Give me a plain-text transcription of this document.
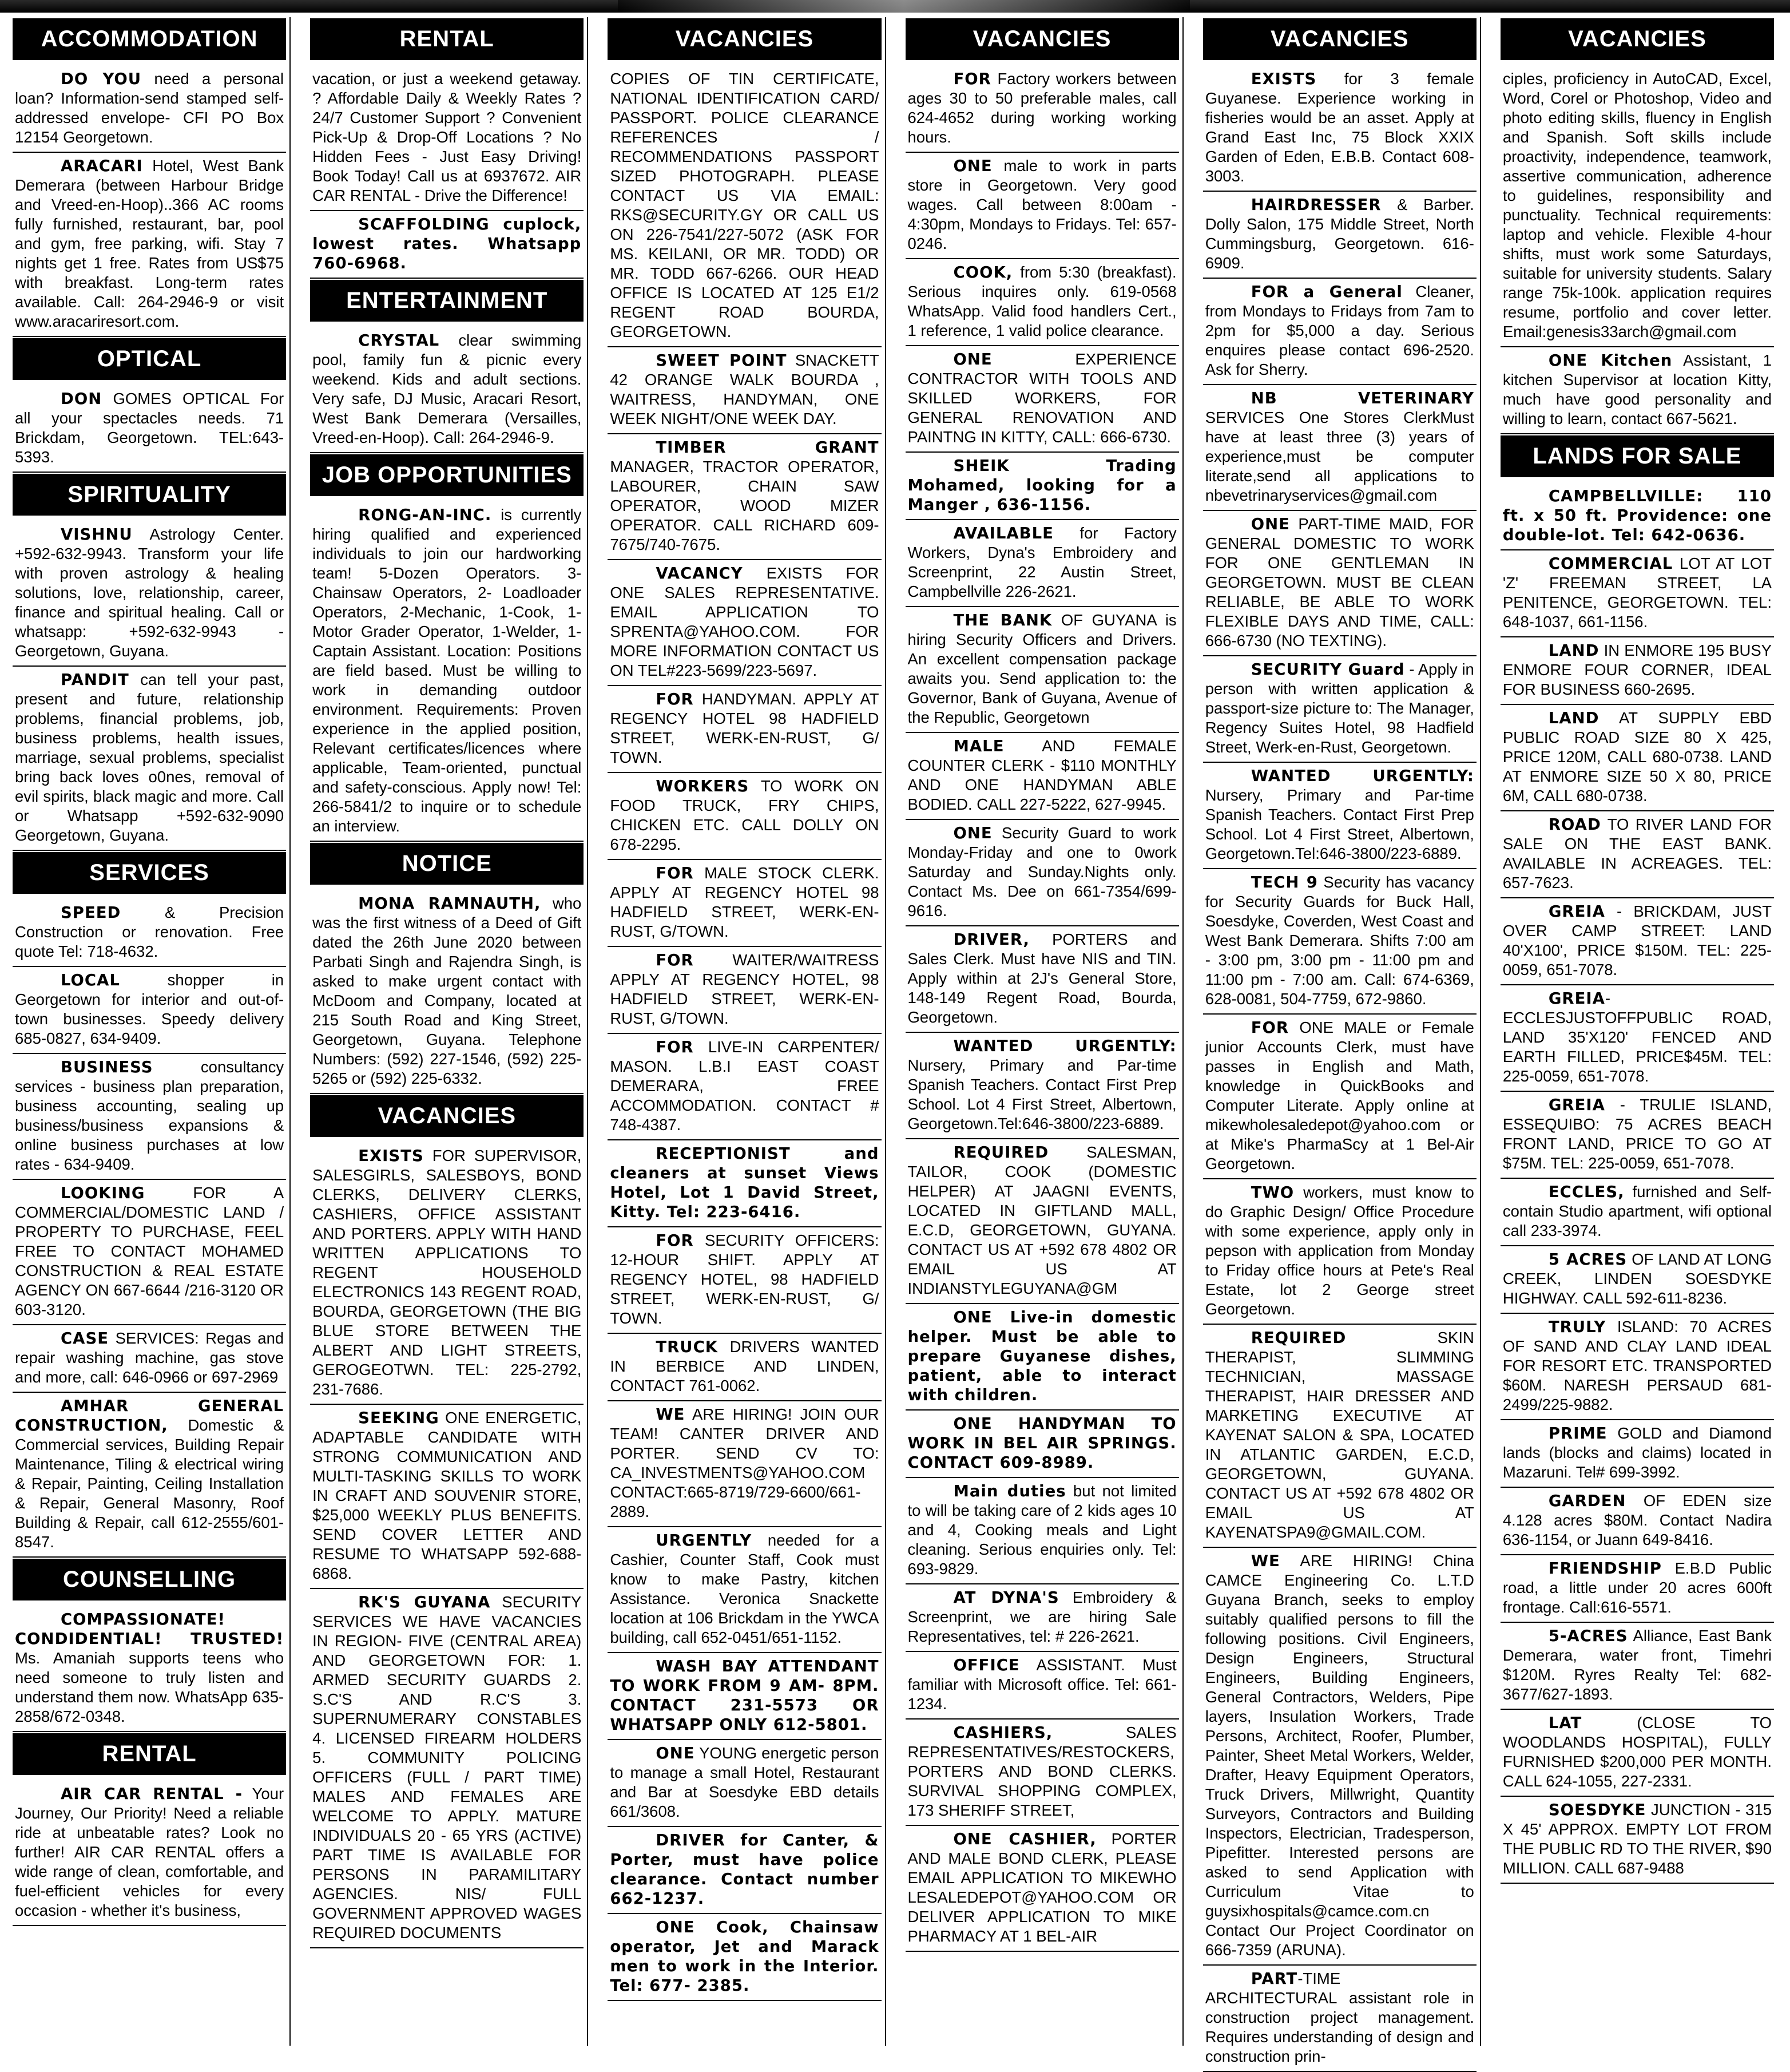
ACCOMMODATION

DO YOU need a personal loan? Information-send stamped self-addressed envelope- CFI PO Box 12154 Georgetown.

ARACARI Hotel, West Bank Demerara (between Harbour Bridge and Vreed-en-Hoop)..366 AC rooms fully furnished, restaurant, bar, pool and gym, free parking, wifi. Stay 7 nights get 1 free. Rates from US$75 with breakfast. Long-term rates available. Call: 264-2946-9 or visit www.aracariresort.com.

OPTICAL

DON GOMES OPTICAL For all your spectacles needs. 71 Brickdam, Georgetown. TEL:643-5393.

SPIRITUALITY

VISHNU Astrology Center. +592-632-9943. Transform your life with proven astrology & healing solutions, love, relationship, career, finance and spiritual healing. Call or whatsapp: +592-632-9943 - Georgetown, Guyana.

PANDIT can tell your past, present and future, relationship problems, financial problems, job, business problems, health issues, marriage, sexual problems, specialist bring back loves o0nes, removal of evil spirits, black magic and more. Call or Whatsapp +592-632-9090 Georgetown, Guyana.

SERVICES

SPEED & Precision Construction or renovation. Free quote Tel: 718-4632.

LOCAL shopper in Georgetown for interior and out-of-town businesses. Speedy delivery 685-0827, 634-9409.

BUSINESS consultancy services - business plan preparation, business accounting, sealing up business/business expansions & online business purchases at low rates - 634-9409.

LOOKING FOR A COMMERCIAL/DOMESTIC LAND / PROPERTY TO PURCHASE, FEEL FREE TO CONTACT MOHAMED CONSTRUCTION & REAL ESTATE AGENCY ON 667-6644 /216-3120 OR 603-3120.

CASE SERVICES: Regas and repair washing machine, gas stove and more, call: 646-0966 or 697-2969

AMHAR GENERAL CONSTRUCTION, Domestic & Commercial services, Building Repair Maintenance, Tiling & electrical wiring & Repair, Painting, Ceiling Installation & Repair, General Masonry, Roof Building & Repair, call 612-2555/601-8547.

COUNSELLING

COMPASSIONATE! CONDIDENTIAL! TRUSTED! Ms. Amaniah supports teens who need someone to truly listen and understand them now. WhatsApp 635-2858/672-0348.

RENTAL

AIR CAR RENTAL - Your Journey, Our Priority! Need a reliable ride at unbeatable rates? Look no further! AIR CAR RENTAL offers a wide range of clean, comfortable, and fuel-efficient vehicles for every occasion - whether it's business,

RENTAL

vacation, or just a weekend getaway. ? Affordable Daily & Weekly Rates ? 24/7 Customer Support ? Convenient Pick-Up & Drop-Off Locations ? No Hidden Fees - Just Easy Driving! Book Today! Call us at 6937672. AIR CAR RENTAL - Drive the Difference!

SCAFFOLDING cuplock, lowest rates. Whatsapp 760-6968.

ENTERTAINMENT

CRYSTAL clear swimming pool, family fun & picnic every weekend. Kids and adult sections. Very safe, DJ Music, Aracari Resort, West Bank Demerara (Versailles, Vreed-en-Hoop). Call: 264-2946-9.

JOB OPPORTUNITIES

RONG-AN-INC. is currently hiring qualified and experienced individuals to join our hardworking team! 5-Dozen Operators. 3-Chainsaw Operators, 2- Loadloader Operators, 2-Mechanic, 1-Cook, 1-Motor Grader Operator, 1-Welder, 1-Captain Assistant. Location: Positions are field based. Must be willing to work in demanding outdoor environment. Requirements: Proven experience in the applied position, Relevant certificates/licences where applicable, Team-oriented, punctual and safety-conscious. Apply now! Tel: 266-5841/2 to inquire or to schedule an interview.

NOTICE

MONA RAMNAUTH, who was the first witness of a Deed of Gift dated the 26th June 2020 between Parbati Singh and Rajendra Singh, is asked to make urgent contact with McDoom and Company, located at 215 South Road and King Street, Georgetown, Guyana. Telephone Numbers: (592) 227-1546, (592) 225-5265 or (592) 225-6332.

VACANCIES

EXISTS FOR SUPERVISOR, SALESGIRLS, SALESBOYS, BOND CLERKS, DELIVERY CLERKS, CASHIERS, OFFICE ASSISTANT AND PORTERS. APPLY WITH HAND WRITTEN APPLICATIONS TO REGENT HOUSEHOLD ELECTRONICS 143 REGENT ROAD, BOURDA, GEORGETOWN (THE BIG BLUE STORE BETWEEN THE ALBERT AND LIGHT STREETS, GEROGEOTWN. TEL: 225-2792, 231-7686.

SEEKING ONE ENERGETIC, ADAPTABLE CANDIDATE WITH STRONG COMMUNICATION AND MULTI-TASKING SKILLS TO WORK IN CRAFT AND SOUVENIR STORE, $25,000 WEEKLY PLUS BENEFITS. SEND COVER LETTER AND RESUME TO WHATSAPP 592-688-6868.

RK'S GUYANA SECURITY SERVICES WE HAVE VACANCIES IN REGION- FIVE (CENTRAL AREA) AND GEORGETOWN FOR: 1. ARMED SECURITY GUARDS 2. S.C'S AND R.C'S 3. SUPERNUMERARY CONSTABLES 4. LICENSED FIREARM HOLDERS 5. COMMUNITY POLICING OFFICERS (FULL / PART TIME) MALES AND FEMALES ARE WELCOME TO APPLY. MATURE INDIVIDUALS 20 - 65 YRS (ACTIVE) PART TIME IS AVAILABLE FOR PERSONS IN PARAMILITARY AGENCIES. NIS/ FULL GOVERNMENT APPROVED WAGES REQUIRED DOCUMENTS

VACANCIES

COPIES OF TIN CERTIFICATE, NATIONAL IDENTIFICATION CARD/ PASSPORT. POLICE CLEARANCE REFERENCES / RECOMMENDATIONS PASSPORT SIZED PHOTOGRAPH. PLEASE CONTACT US VIA EMAIL: RKS@SECURITY.GY OR CALL US ON 226-7541/227-5072 (ASK FOR MS. KEILANI, OR MR. TODD) OR MR. TODD 667-6266. OUR HEAD OFFICE IS LOCATED AT 125 E1/2 REGENT ROAD BOURDA, GEORGETOWN.

SWEET POINT SNACKETT 42 ORANGE WALK BOURDA , WAITRESS, HANDYMAN, ONE WEEK NIGHT/ONE WEEK DAY.

TIMBER GRANT MANAGER, TRACTOR OPERATOR, LABOURER, CHAIN SAW OPERATOR, WOOD MIZER OPERATOR. CALL RICHARD 609-7675/740-7675.

VACANCY EXISTS FOR ONE SALES REPRESENTATIVE. EMAIL APPLICATION TO SPRENTA@YAHOO.COM. FOR MORE INFORMATION CONTACT US ON TEL#223-5699/223-5697.

FOR HANDYMAN. APPLY AT REGENCY HOTEL 98 HADFIELD STREET, WERK-EN-RUST, G/ TOWN.

WORKERS TO WORK ON FOOD TRUCK, FRY CHIPS, CHICKEN ETC. CALL DOLLY ON 678-2295.

FOR MALE STOCK CLERK. APPLY AT REGENCY HOTEL 98 HADFIELD STREET, WERK-EN-RUST, G/TOWN.

FOR WAITER/WAITRESS APPLY AT REGENCY HOTEL, 98 HADFIELD STREET, WERK-EN-RUST, G/TOWN.

FOR LIVE-IN CARPENTER/ MASON. L.B.I EAST COAST DEMERARA, FREE ACCOMMODATION. CONTACT # 748-4387.

RECEPTIONIST and cleaners at sunset Views Hotel, Lot 1 David Street, Kitty. Tel: 223-6416.

FOR SECURITY OFFICERS: 12-HOUR SHIFT. APPLY AT REGENCY HOTEL, 98 HADFIELD STREET, WERK-EN-RUST, G/ TOWN.

TRUCK DRIVERS WANTED IN BERBICE AND LINDEN, CONTACT 761-0062.

WE ARE HIRING! JOIN OUR TEAM! CANTER DRIVER AND PORTER. SEND CV TO: CA_INVESTMENTS@YAHOO.COM CONTACT:665-8719/729-6600/661-2889.

URGENTLY needed for a Cashier, Counter Staff, Cook must know to make Pastry, kitchen Assistance. Veronica Snackette location at 106 Brickdam in the YWCA building, call 652-0451/651-1152.

WASH BAY ATTENDANT TO WORK FROM 9 AM- 8PM. CONTACT 231-5573 OR WHATSAPP ONLY 612-5801.

ONE YOUNG energetic person to manage a small Hotel, Restaurant and Bar at Soesdyke EBD details 661/3608.

DRIVER for Canter, & Porter, must have police clearance. Contact number 662-1237.

ONE Cook, Chainsaw operator, Jet and Marack men to work in the Interior. Tel: 677- 2385.

VACANCIES

FOR Factory workers between ages 30 to 50 preferable males, call 624-4652 during working working hours.

ONE male to work in parts store in Georgetown. Very good wages. Call between 8:00am - 4:30pm, Mondays to Fridays. Tel: 657-0246.

COOK, from 5:30 (breakfast). Serious inquires only. 619-0568 WhatsApp. Valid food handlers Cert., 1 reference, 1 valid police clearance.

ONE EXPERIENCE CONTRACTOR WITH TOOLS AND SKILLED WORKERS, FOR GENERAL RENOVATION AND PAINTNG IN KITTY, CALL: 666-6730.

SHEIK Trading Mohamed, looking for a Manger , 636-1156.

AVAILABLE for Factory Workers, Dyna's Embroidery and Screenprint, 22 Austin Street, Campbellville 226-2621.

THE BANK OF GUYANA is hiring Security Officers and Drivers. An excellent compensation package awaits you. Send application to: the Governor, Bank of Guyana, Avenue of the Republic, Georgetown

MALE AND FEMALE COUNTER CLERK - $110 MONTHLY AND ONE HANDYMAN ABLE BODIED. CALL 227-5222, 627-9945.

ONE Security Guard to work Monday-Friday and one to 0work Saturday and Sunday.Nights only. Contact Ms. Dee on 661-7354/699-9616.

DRIVER, PORTERS and Sales Clerk. Must have NIS and TIN. Apply within at 2J's General Store, 148-149 Regent Road, Bourda, Georgetown.

WANTED URGENTLY: Nursery, Primary and Par-time Spanish Teachers. Contact First Prep School. Lot 4 First Street, Albertown, Georgetown.Tel:646-3800/223-6889.

REQUIRED SALESMAN, TAILOR, COOK (DOMESTIC HELPER) AT JAAGNI EVENTS, LOCATED IN GIFTLAND MALL, E.C.D, GEORGETOWN, GUYANA. CONTACT US AT +592 678 4802 OR EMAIL US AT INDIANSTYLEGUYANA@GM

ONE Live-in domestic helper. Must be able to prepare Guyanese dishes, patient, able to interact with children.

ONE HANDYMAN TO WORK IN BEL AIR SPRINGS. CONTACT 609-8989.

Main duties but not limited to will be taking care of 2 kids ages 10 and 4, Cooking meals and Light cleaning. Serious enquiries only. Tel: 693-9829.

AT DYNA'S Embroidery & Screenprint, we are hiring Sale Representatives, tel: # 226-2621.

OFFICE ASSISTANT. Must familiar with Microsoft office. Tel: 661-1234.

CASHIERS, SALES REPRESENTATIVES/RESTOCKERS, PORTERS AND BOND CLERKS. SURVIVAL SHOPPING COMPLEX, 173 SHERIFF STREET,

ONE CASHIER, PORTER AND MALE BOND CLERK, PLEASE EMAIL APPLICATION TO MIKEWHO LESALEDEPOT@YAHOO.COM OR DELIVER APPLICATION TO MIKE PHARMACY AT 1 BEL-AIR

VACANCIES

EXISTS for 3 female Guyanese. Experience working in fisheries would be an asset. Apply at Grand East Inc, 75 Block XXIX Garden of Eden, E.B.B. Contact 608-3003.

HAIRDRESSER & Barber. Dolly Salon, 175 Middle Street, North Cummingsburg, Georgetown. 616-6909.

FOR a General Cleaner, from Mondays to Fridays from 7am to 2pm for $5,000 a day. Serious enquires please contact 696-2520. Ask for Sherry.

NB VETERINARY SERVICES One Stores ClerkMust have at least three (3) years of experience,must be computer literate,send all applications to nbevetrinaryservices@gmail.com

ONE PART-TIME MAID, FOR GENERAL DOMESTIC TO WORK FOR ONE GENTLEMAN IN GEORGETOWN. MUST BE CLEAN RELIABLE, BE ABLE TO WORK FLEXIBLE DAYS AND TIME, CALL: 666-6730 (NO TEXTING).

SECURITY Guard - Apply in person with written application & passport-size picture to: The Manager, Regency Suites Hotel, 98 Hadfield Street, Werk-en-Rust, Georgetown.

WANTED URGENTLY: Nursery, Primary and Par-time Spanish Teachers. Contact First Prep School. Lot 4 First Street, Albertown, Georgetown.Tel:646-3800/223-6889.

TECH 9 Security has vacancy for Security Guards for Buck Hall, Soesdyke, Coverden, West Coast and West Bank Demerara. Shifts 7:00 am - 3:00 pm, 3:00 pm - 11:00 pm and 11:00 pm - 7:00 am. Call: 674-6369, 628-0081, 504-7759, 672-9860.

FOR ONE MALE or Female junior Accounts Clerk, must have passes in English and Math, knowledge in QuickBooks and Computer Literate. Apply online at mikewholesaledepot@yahoo.com or at Mike's PharmaScy at 1 Bel-Air Georgetown.

TWO workers, must know to do Graphic Design/ Office Procedure with some experience, apply only in pepson with application from Monday to Friday office hours at Pete's Real Estate, lot 2 George street Georgetown.

REQUIRED SKIN THERAPIST, SLIMMING TECHNICIAN, MASSAGE THERAPIST, HAIR DRESSER AND MARKETING EXECUTIVE AT KAYENAT SALON & SPA, LOCATED IN ATLANTIC GARDEN, E.C.D, GEORGETOWN, GUYANA. CONTACT US AT +592 678 4802 OR EMAIL US AT KAYENATSPA9@GMAIL.COM.

WE ARE HIRING! China CAMCE Engineering Co. L.T.D Guyana Branch, seeks to employ suitably qualified persons to fill the following positions. Civil Engineers, Design Engineers, Structural Engineers, Building Engineers, General Contractors, Welders, Pipe layers, Insulation Workers, Trade Persons, Architect, Roofer, Plumber, Painter, Sheet Metal Workers, Welder, Drafter, Heavy Equipment Operators, Truck Drivers, Millwright, Quantity Surveyors, Contractors and Building Inspectors, Electrician, Tradesperson, Pipefitter. Interested persons are asked to send Application with Curriculum Vitae to guysixhospitals@camce.com.cn Contact Our Project Coordinator on 666-7359 (ARUNA).

PART-TIME ARCHITECTURAL assistant role in construction project management. Requires understanding of design and construction prin-

VACANCIES

ciples, proficiency in AutoCAD, Excel, Word, Corel or Photoshop, Video and photo editing skills, fluency in English and Spanish. Soft skills include proactivity, independence, teamwork, assertive communication, adherence to guidelines, responsibility and punctuality. Technical requirements: laptop and vehicle. Flexible 4-hour shifts, must work some Saturdays, suitable for university students. Salary range 75k-100k. application requires resume, portfolio and cover letter. Email:genesis33arch@gmail.com

ONE Kitchen Assistant, 1 kitchen Supervisor at location Kitty, much have good personality and willing to learn, contact 667-5621.

LANDS FOR SALE

CAMPBELLVILLE: 110 ft. x 50 ft. Providence: one double-lot. Tel: 642-0636.

COMMERCIAL LOT AT LOT 'Z' FREEMAN STREET, LA PENITENCE, GEORGETOWN. TEL: 648-1037, 661-1156.

LAND IN ENMORE 195 BUSY ENMORE FOUR CORNER, IDEAL FOR BUSINESS 660-2695.

LAND AT SUPPLY EBD PUBLIC ROAD SIZE 80 X 425, PRICE 120M, CALL 680-0738. LAND AT ENMORE SIZE 50 X 80, PRICE 6M, CALL 680-0738.

ROAD TO RIVER LAND FOR SALE ON THE EAST BANK. AVAILABLE IN ACREAGES. TEL: 657-7623.

GREIA - BRICKDAM, JUST OVER CAMP STREET: LAND 40'X100', PRICE $150M. TEL: 225-0059, 651-7078.

GREIA-ECCLESJUSTOFFPUBLIC ROAD, LAND 35'X120' FENCED AND EARTH FILLED, PRICE$45M. TEL: 225-0059, 651-7078.

GREIA - TRULIE ISLAND, ESSEQUIBO: 75 ACRES BEACH FRONT LAND, PRICE TO GO AT $75M. TEL: 225-0059, 651-7078.

ECCLES, furnished and Self-contain Studio apartment, wifi optional call 233-3974.

5 ACRES OF LAND AT LONG CREEK, LINDEN SOESDYKE HIGHWAY. CALL 592-611-8236.

TRULY ISLAND: 70 ACRES OF SAND AND CLAY LAND IDEAL FOR RESORT ETC. TRANSPORTED $60M. NARESH PERSAUD 681-2499/225-9882.

PRIME GOLD and Diamond lands (blocks and claims) located in Mazaruni. Tel# 699-3992.

GARDEN OF EDEN size 4.128 acres $80M. Contact Nadira 636-1154, or Juann 649-8416.

FRIENDSHIP E.B.D Public road, a little under 20 acres 600ft frontage. Call:616-5571.

5-ACRES Alliance, East Bank Demerara, water front, Timehri $120M. Ryres Realty Tel: 682-3677/627-1893.

LAT (CLOSE TO WOODLANDS HOSPITAL), FULLY FURNISHED $200,000 PER MONTH. CALL 624-1055, 227-2331.

SOESDYKE JUNCTION - 315 X 45' APPROX. EMPTY LOT FROM THE PUBLIC RD TO THE RIVER, $90 MILLION. CALL 687-9488
